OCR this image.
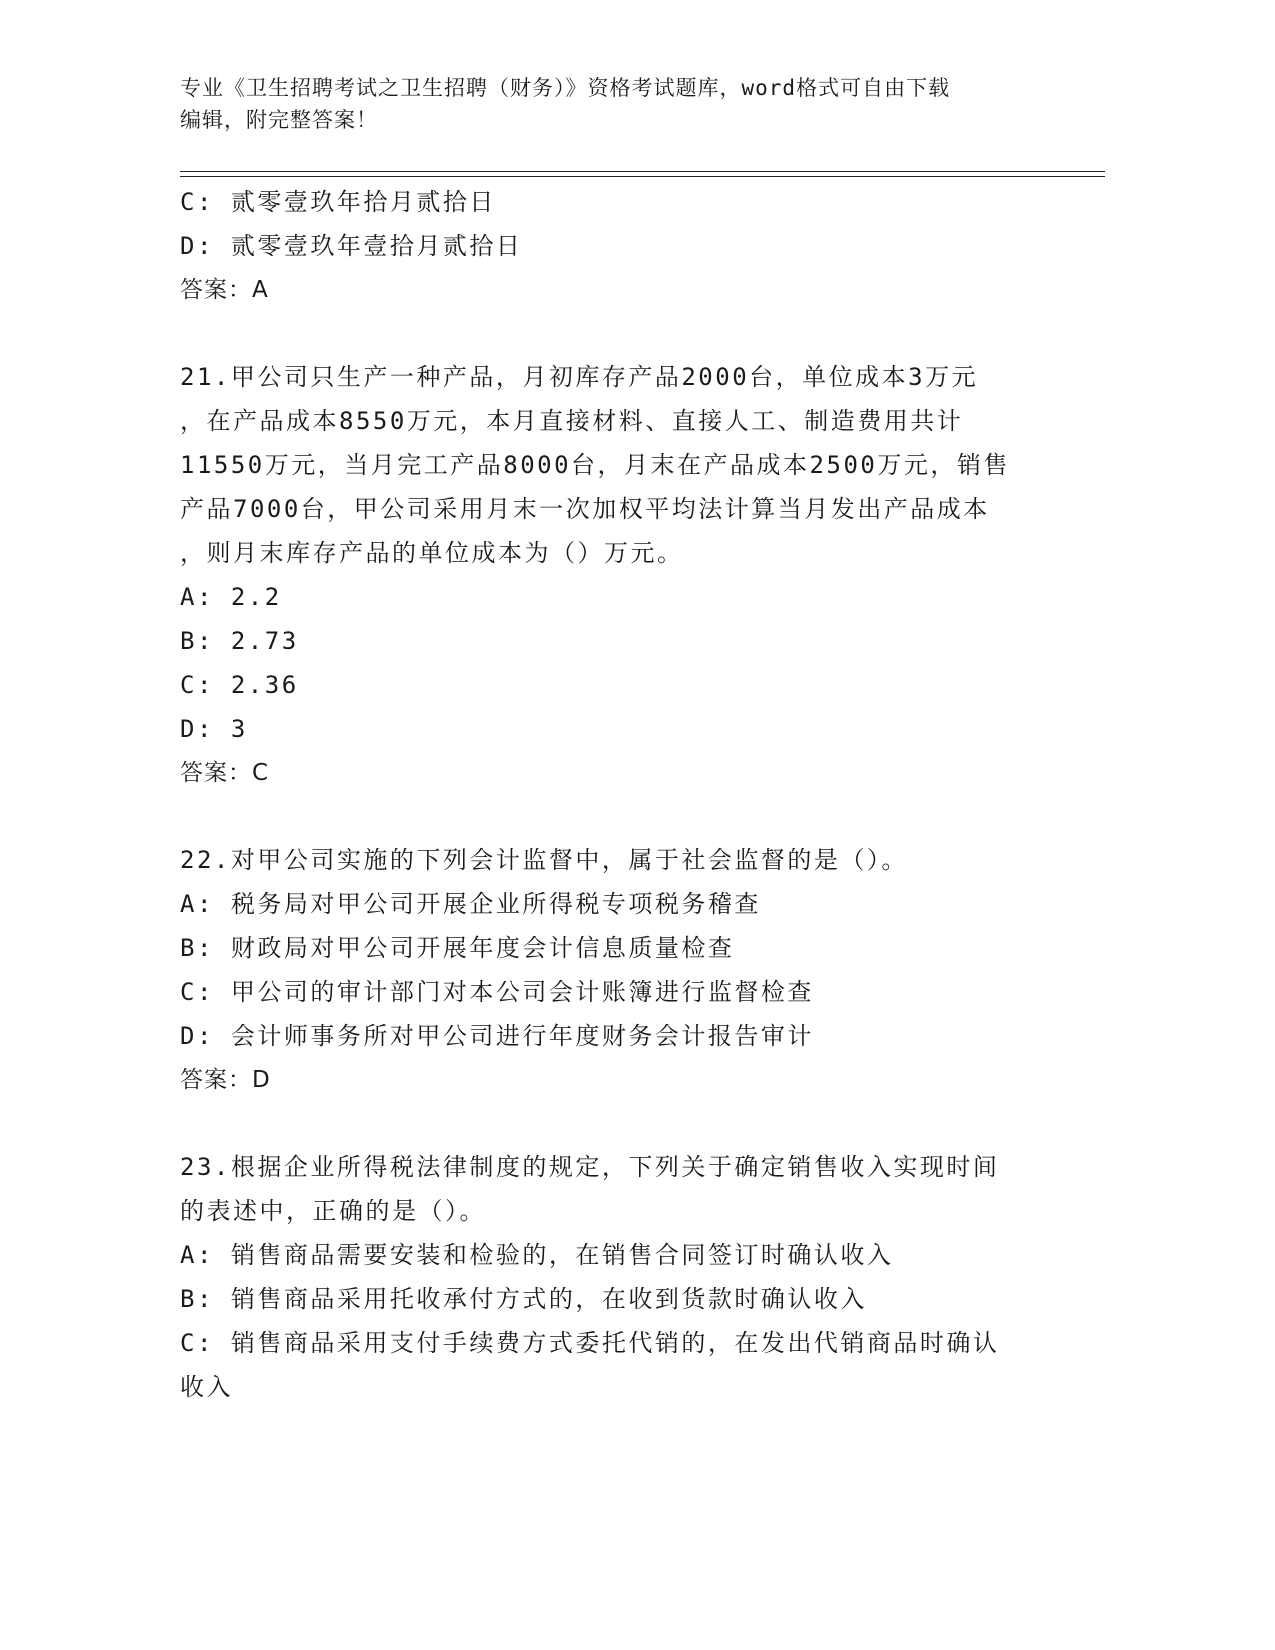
专业《卫生招聘考试之卫生招聘（财务）》资格考试题库，word格式可自由下载
编辑，附完整答案！
C: 贰零壹玖年拾月贰拾日
D: 贰零壹玖年壹拾月贰拾日
答案：A
21.甲公司只生产一种产品，月初库存产品2000台，单位成本3万元
，在产品成本8550万元，本月直接材料、直接人工、制造费用共计
11550万元，当月完工产品8000台，月末在产品成本2500万元，销售
产品7000台，甲公司采用月末一次加权平均法计算当月发出产品成本
，则月末库存产品的单位成本为（）万元。
A: 2.2
B: 2.73
C: 2.36
D: 3
答案：C
22.对甲公司实施的下列会计监督中，属于社会监督的是（）。
A: 税务局对甲公司开展企业所得税专项税务稽查
B: 财政局对甲公司开展年度会计信息质量检查
C: 甲公司的审计部门对本公司会计账簿进行监督检查
D: 会计师事务所对甲公司进行年度财务会计报告审计
答案：D
23.根据企业所得税法律制度的规定，下列关于确定销售收入实现时间
的表述中，正确的是（）。
A: 销售商品需要安装和检验的，在销售合同签订时确认收入
B: 销售商品采用托收承付方式的，在收到货款时确认收入
C: 销售商品采用支付手续费方式委托代销的，在发出代销商品时确认
收入
